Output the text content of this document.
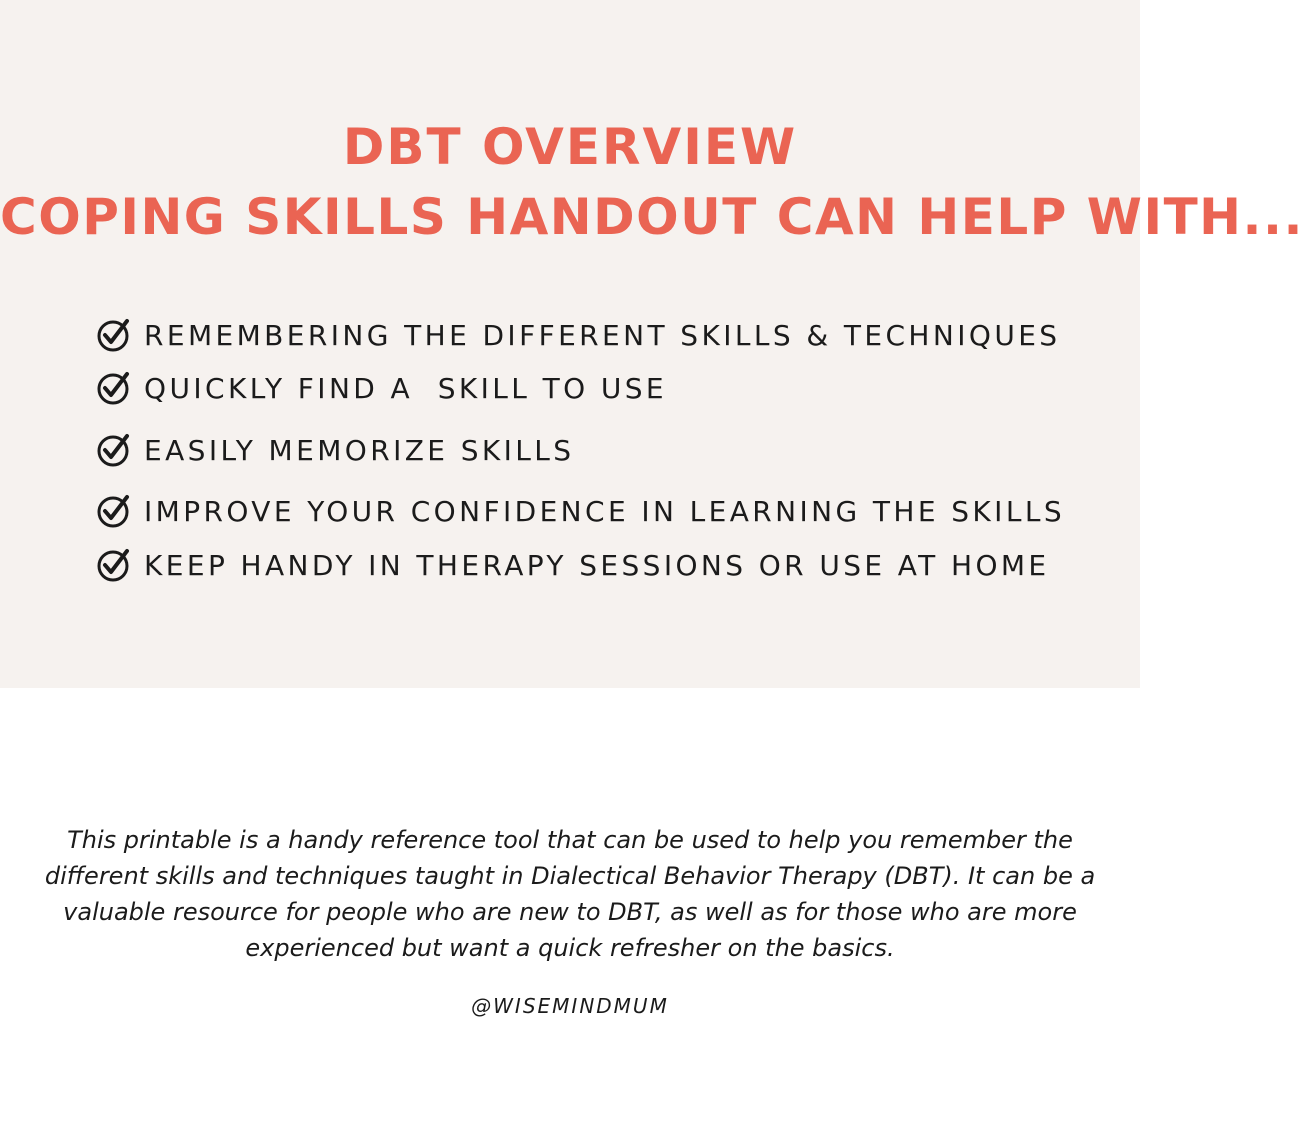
DBT OVERVIEW
COPING SKILLS HANDOUT CAN HELP WITH...
REMEMBERING THE DIFFERENT SKILLS & TECHNIQUES
QUICKLY FIND A  SKILL TO USE
EASILY MEMORIZE SKILLS
IMPROVE YOUR CONFIDENCE IN LEARNING THE SKILLS
KEEP HANDY IN THERAPY SESSIONS OR USE AT HOME
This printable is a handy reference tool that can be used to help you remember the different skills and techniques taught in Dialectical Behavior Therapy (DBT). It can be a valuable resource for people who are new to DBT, as well as for those who are more experienced but want a quick refresher on the basics.
@WISEMINDMUM
